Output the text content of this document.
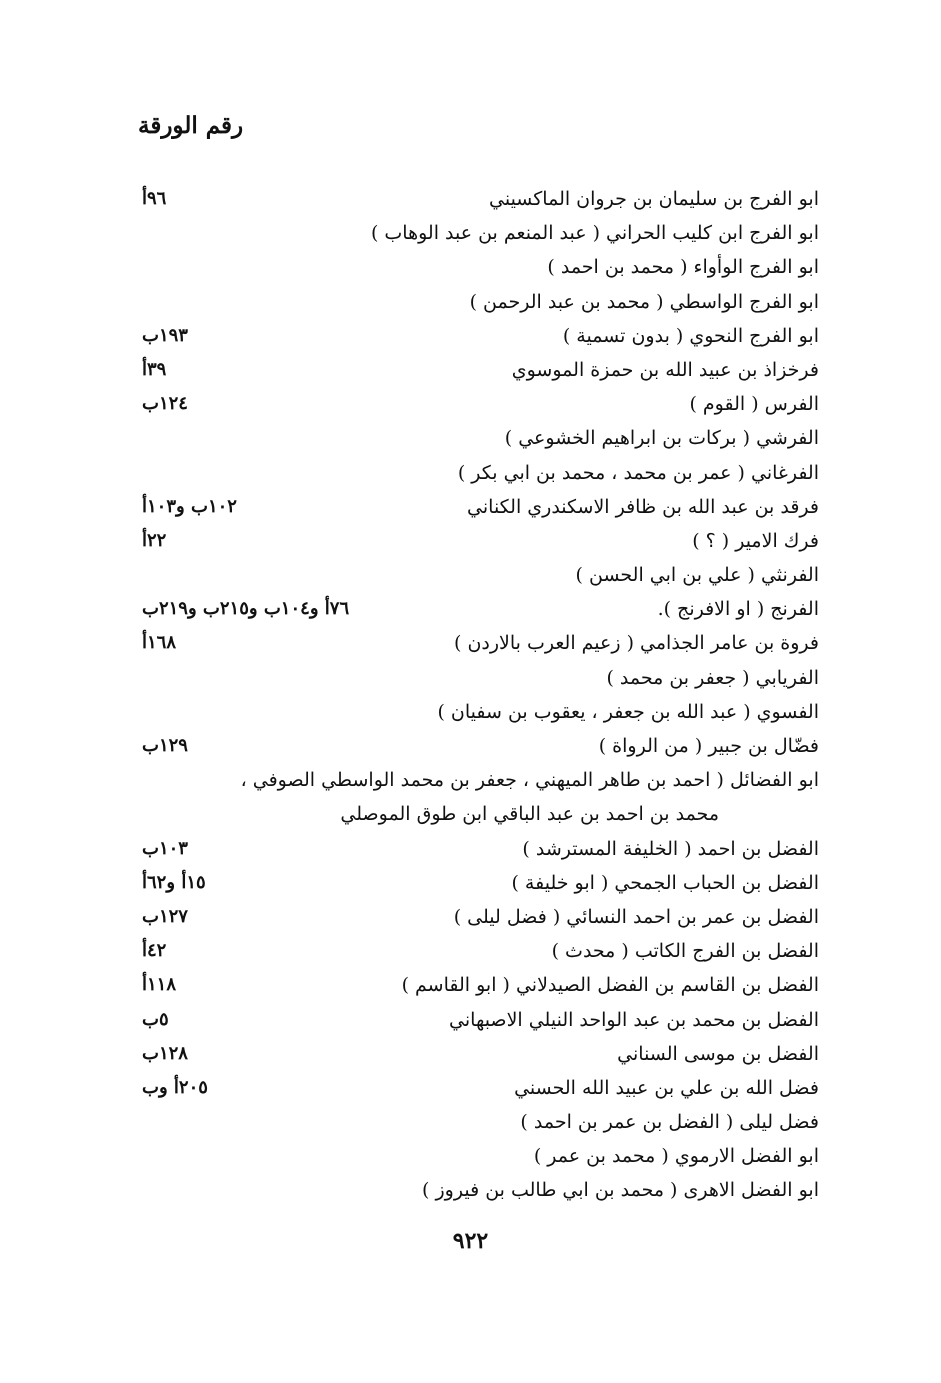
رقم الورقة
ابو الفرج بن سليمان بن جروان الماكسيني
٩٦أ
ابو الفرج ابن كليب الحراني ( عبد المنعم بن عبد الوهاب )
ابو الفرج الوأواء ( محمد بن احمد )
ابو الفرج الواسطي ( محمد بن عبد الرحمن )
ابو الفرج النحوي ( بدون تسمية )
١٩٣ب
فرخزاذ بن عبيد الله بن حمزة الموسوي
٣٩أ
الفرس ( القوم )
١٢٤ب
الفرشي ( بركات بن ابراهيم الخشوعي )
الفرغاني ( عمر بن محمد ، محمد بن ابي بكر )
فرقد بن عبد الله بن ظافر الاسكندري الكناني
١٠٢ب و١٠٣أ
فرك الامير ( ؟ )
٢٢أ
الفرنثي ( علي بن ابي الحسن )
الفرنج ( او الافرنج ).
٧٦أ و١٠٤ب و٢١٥ب و٢١٩ب
فروة بن عامر الجذامي ( زعيم العرب بالاردن )
١٦٨أ
الفريابي ( جعفر بن محمد )
الفسوي ( عبد الله بن جعفر ، يعقوب بن سفيان )
فضّال بن جبير ( من الرواة )
١٢٩ب
ابو الفضائل ( احمد بن طاهر الميهني ، جعفر بن محمد الواسطي الصوفي ،
محمد بن احمد بن عبد الباقي ابن طوق الموصلي
الفضل بن احمد ( الخليفة المسترشد )
١٠٣ب
الفضل بن الحباب الجمحي ( ابو خليفة )
١٥أ و٦٢أ
الفضل بن عمر بن احمد النسائي ( فضل ليلى )
١٢٧ب
الفضل بن الفرج الكاتب ( محدث )
٤٢أ
الفضل بن القاسم بن الفضل الصيدلاني ( ابو القاسم )
١١٨أ
الفضل بن محمد بن عبد الواحد النيلي الاصبهاني
٥ب
الفضل بن موسى السناني
١٢٨ب
فضل الله بن علي بن عبيد الله الحسني
٢٠٥أ وب
فضل ليلى ( الفضل بن عمر بن احمد )
ابو الفضل الارموي ( محمد بن عمر )
ابو الفضل الاهرى ( محمد بن ابي طالب بن فيروز )
٩٢٢
